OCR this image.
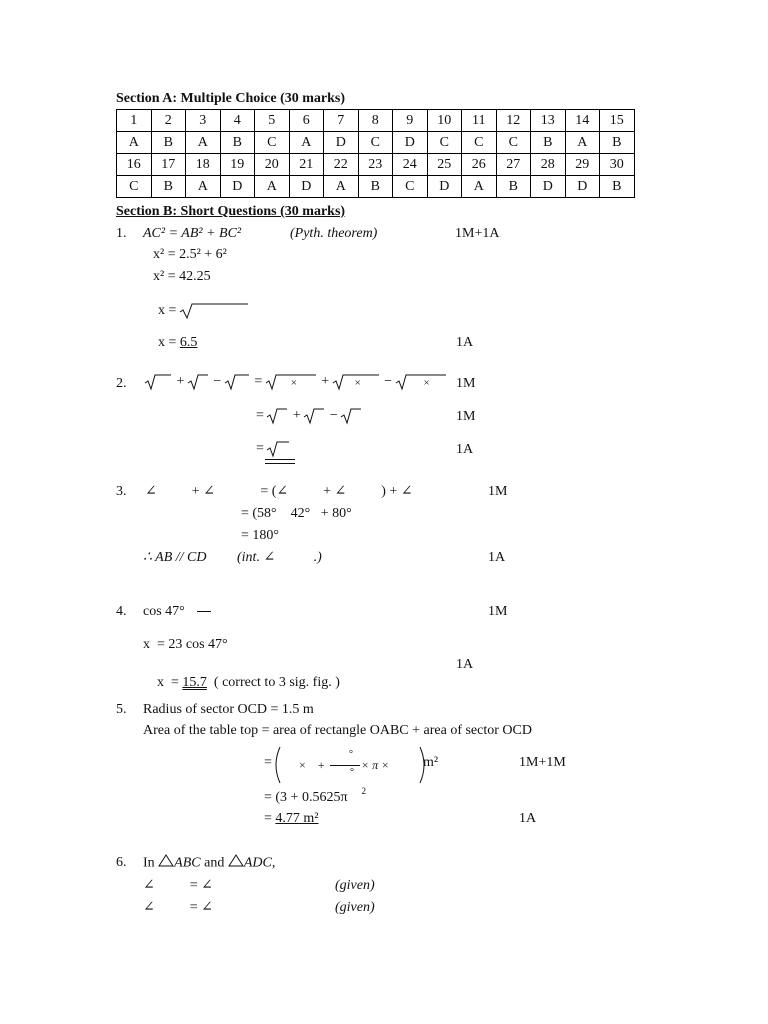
Section A: Multiple Choice (30 marks)
1	2	3	4	5	6	7	8	9	10	11	12	13	14	15
A	B	A	B	C	A	D	C	D	C	C	C	B	A	B
16	17	18	19	20	21	22	23	24	25	26	27	28	29	30
C	B	A	D	A	D	A	B	C	D	A	B	D	D	B
Section B: Short Questions (30 marks)
1. AC² = AB² + BC²	(Pyth. theorem)	1M+1A
x² = 2.5² + 6²
x² = 42.25
x =
x = 6.5	1A
2.	+ − =	× + × −	× 1M
= + −	1M
=	1A
3. ∠          + ∠             = (∠          + ∠          ) + ∠	1M
= (58°    42°   + 80°
= 180°
∴ AB // CD (int. ∠           .)	1A
4. cos 47°	1M
x  = 23 cos 47°

x  = 15.7 ( correct to 3 sig. fig. )

1A
5. Radius of sector OCD = 1.5 m
Area of the table top = area of rectangle OABC + area of sector OCD
= ×    +
°
°
× π × m²	1M+1M
= (3 + 0.5625π $^2$
= 4.77 m²	1A
6. In ABC and ADC,
∠          = ∠	(given)
∠          = ∠	(given)
